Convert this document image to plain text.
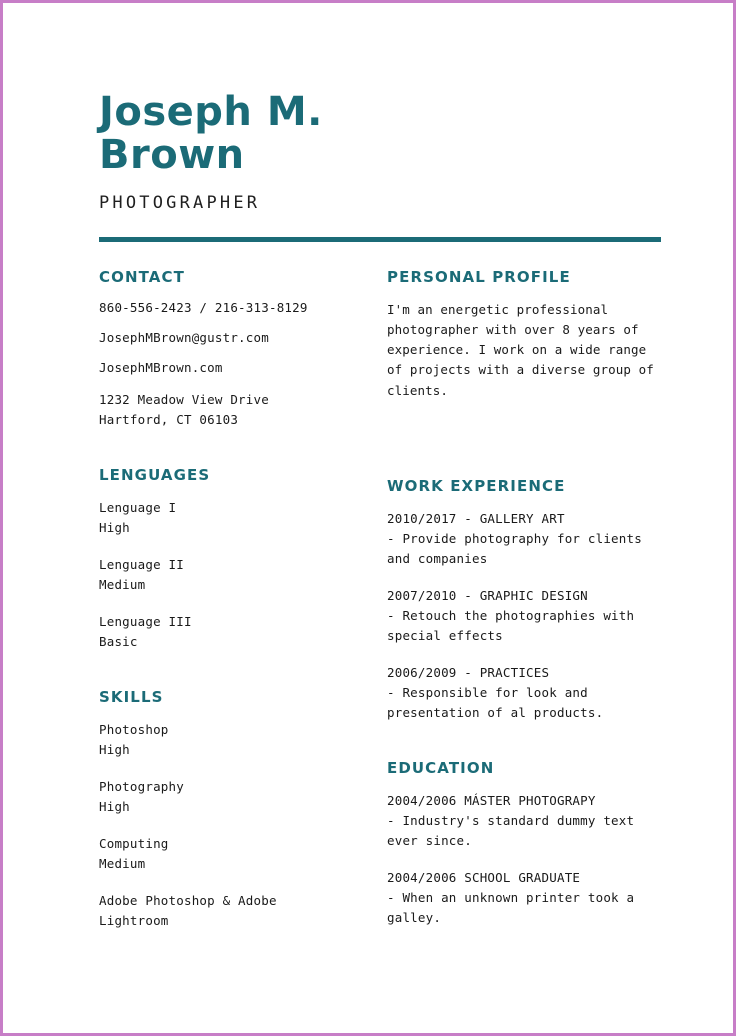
Joseph M.
Brown
PHOTOGRAPHER
CONTACT
860-556-2423 / 216-313-8129
JosephMBrown@gustr.com
JosephMBrown.com
1232 Meadow View Drive
Hartford, CT 06103
LENGUAGES
Lenguage I
High
Lenguage II
Medium
Lenguage III
Basic
SKILLS
Photoshop
High
Photography
High
Computing
Medium
Adobe Photoshop & Adobe
Lightroom
PERSONAL PROFILE
I'm an energetic professional photographer with over 8 years of experience. I work on a wide range of projects with a diverse group of clients.
WORK EXPERIENCE
2010/2017 - GALLERY ART
- Provide photography for clients and companies
2007/2010 - GRAPHIC DESIGN
- Retouch the photographies with special effects
2006/2009 - PRACTICES
- Responsible for look and presentation of al products.
EDUCATION
2004/2006 MÁSTER PHOTOGRAPY
- Industry's standard dummy text ever since.
2004/2006 SCHOOL GRADUATE
- When an unknown printer took a galley.
